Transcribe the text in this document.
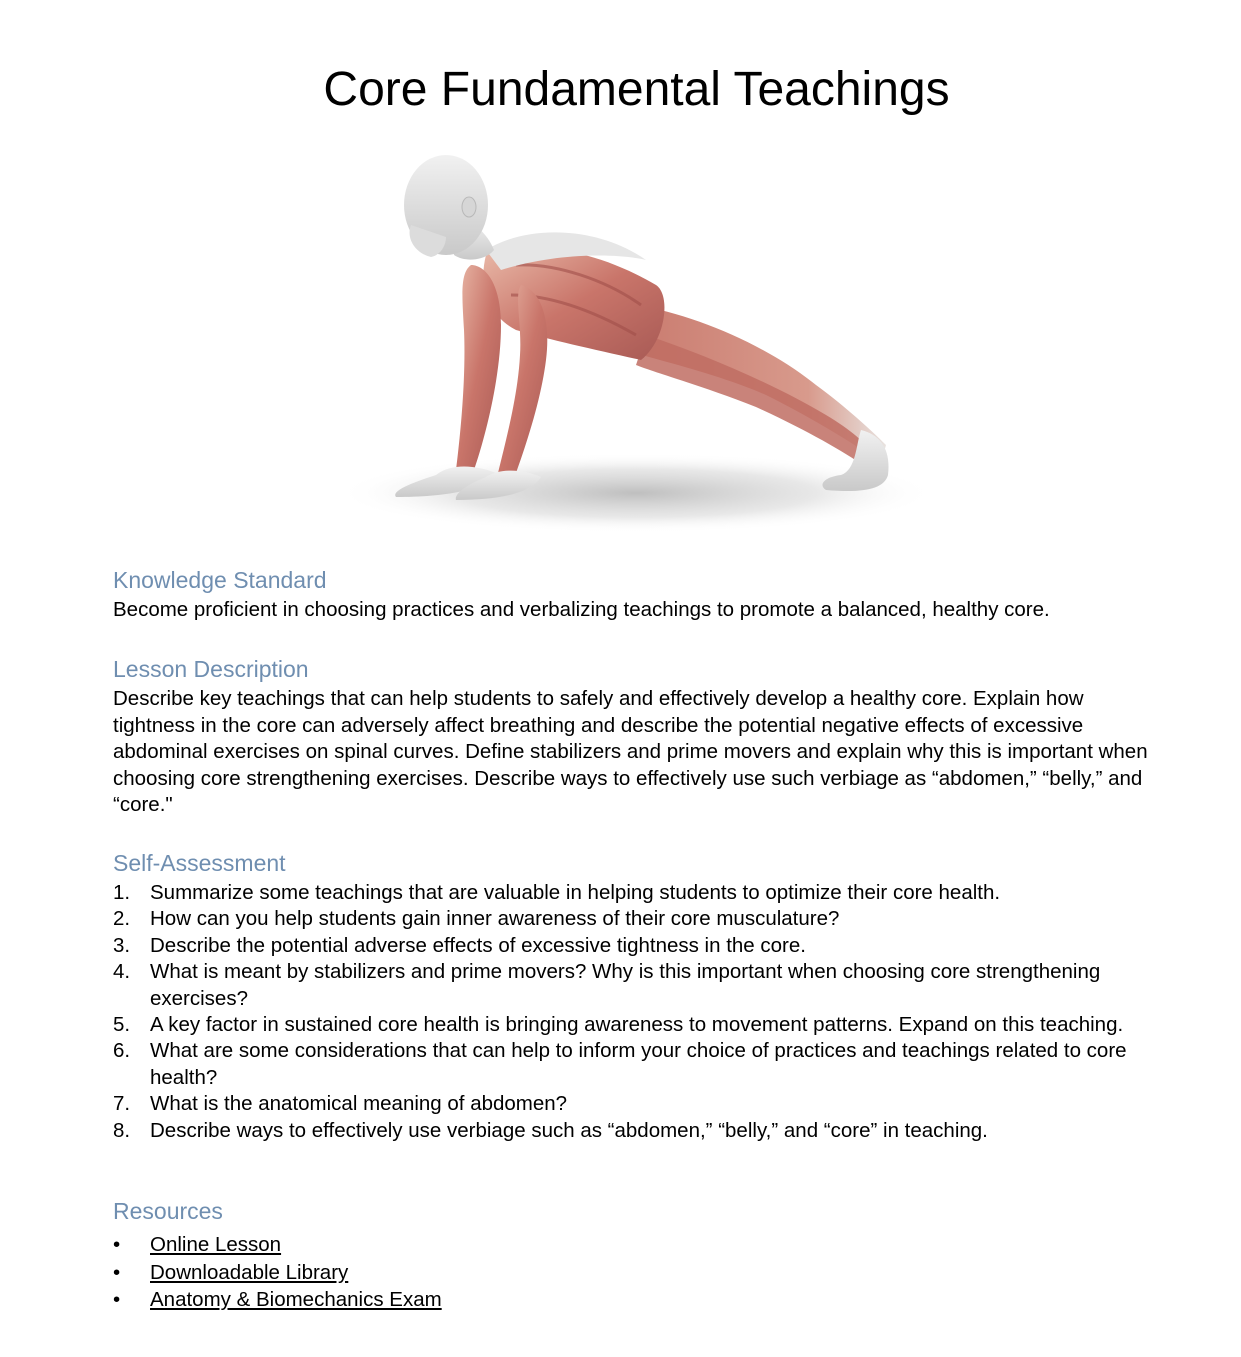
Core Fundamental Teachings
Knowledge Standard

Become proficient in choosing practices and verbalizing teachings to promote a balanced, healthy core.

Lesson Description

Describe key teachings that can help students to safely and effectively develop a healthy core. Explain how tightness in the core can adversely affect breathing and describe the potential negative effects of excessive abdominal exercises on spinal curves. Define stabilizers and prime movers and explain why this is important when choosing core strengthening exercises. Describe ways to effectively use such verbiage as “abdomen,” “belly,” and “core."

Self-Assessment
1. Summarize some teachings that are valuable in helping students to optimize their core health.
2. How can you help students gain inner awareness of their core musculature?
3. Describe the potential adverse effects of excessive tightness in the core.
4. What is meant by stabilizers and prime movers? Why is this important when choosing core strengthening exercises?
5. A key factor in sustained core health is bringing awareness to movement patterns. Expand on this teaching.
6. What are some considerations that can help to inform your choice of practices and teachings related to core health?
7. What is the anatomical meaning of abdomen?
8. Describe ways to effectively use verbiage such as “abdomen,” “belly,” and “core” in teaching.
Resources
• Online Lesson
• Downloadable Library
• Anatomy & Biomechanics Exam
